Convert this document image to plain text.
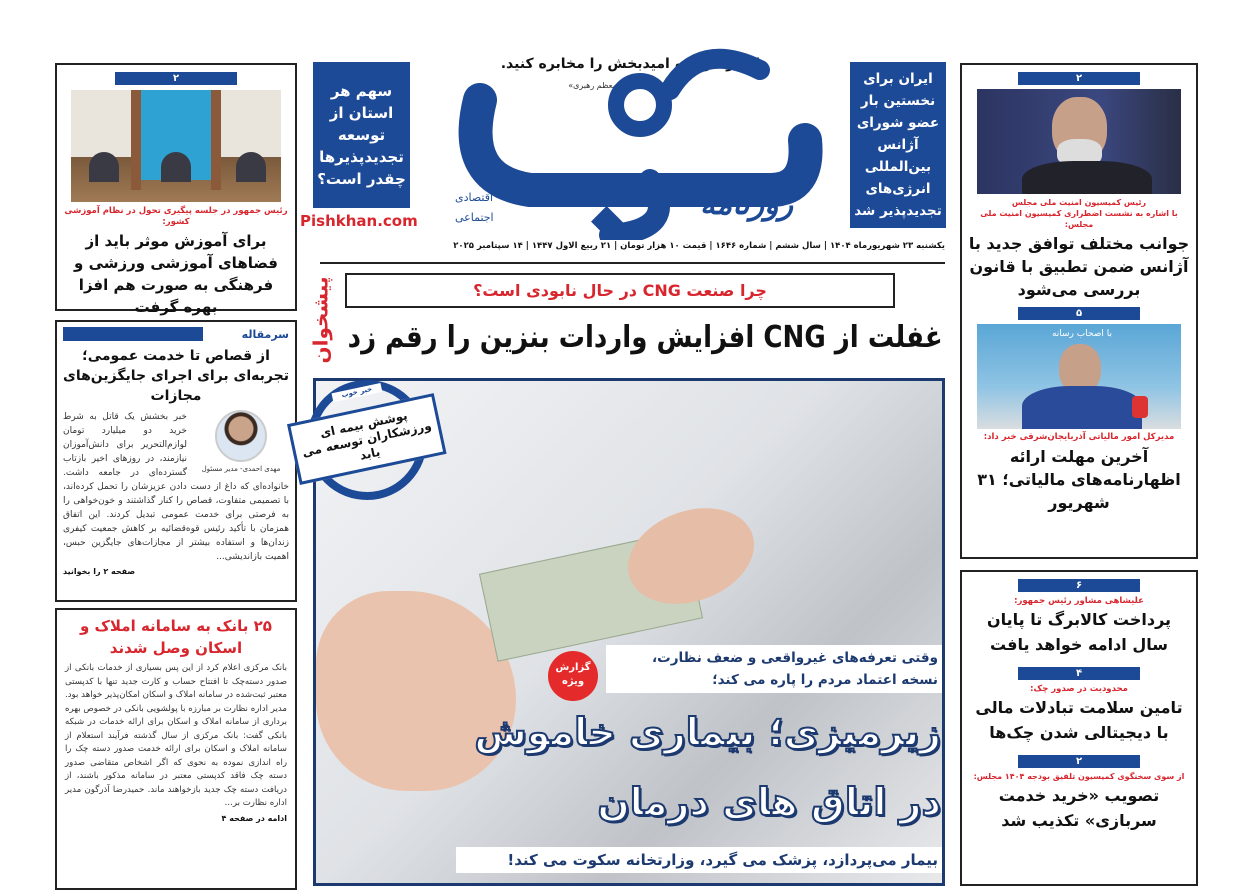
۲
رئیس جمهور در جلسه پیگیری تحول در نظام آموزشی کشور:
برای آموزش موثر باید از فضاهای آموزشی ورزشی و فرهنگی به صورت هم افزا بهره گرفت
Pishkhan.com
پیشخوان
سرمقاله
از قصاص تا خدمت عمومی؛ تجربه‌ای برای اجرای جایگزین‌های مجازات
مهدی احمدی- مدیر مسئول
خبر بخشش یک قاتل به شرط خرید دو میلیارد تومان لوازم‌التحریر برای دانش‌آموزان نیازمند، در روزهای اخیر بازتاب گسترده‌ای در جامعه داشت. خانواده‌ای که داغ از دست دادن عزیزشان را تحمل کرده‌اند، با تصمیمی متفاوت، قصاص را کنار گذاشتند و خون‌خواهی را به فرصتی برای خدمت عمومی تبدیل کردند. این اتفاق همزمان با تأکید رئیس قوه‌قضائیه بر کاهش جمعیت کیفری زندان‌ها و استفاده بیشتر از مجازات‌های جایگزین حبس، اهمیت بازاندیشی...
صفحه ۲ را بخوانید
۲۵ بانک به سامانه املاک و اسکان وصل شدند
بانک مرکزی اعلام کرد از این پس بسیاری از خدمات بانکی از صدور دسته‌چک تا افتتاح حساب و کارت جدید تنها با کدپستی معتبر ثبت‌شده در سامانه املاک و اسکان امکان‌پذیر خواهد بود. مدیر اداره نظارت بر مبارزه با پولشویی بانکی در خصوص بهره برداری از سامانه املاک و اسکان برای ارائه خدمات در شبکه بانکی گفت: بانک مرکزی از سال گذشته فرآیند استعلام از سامانه املاک و اسکان برای ارائه خدمت صدور دسته چک را راه اندازی نموده به نحوی که اگر اشخاص متقاضی صدور دسته چک فاقد کدپستی معتبر در سامانه مذکور باشند، از دریافت دسته چک جدید بازخواهند ماند. حمیدرضا آذرگون مدیر اداره نظارت بر...
ادامه در صفحه ۴
سهم هر استان از توسعه تجدیدپذیرها چقدر است؟
ایران برای نخستین بار عضو شورای آژانس بین‌المللی انرژی‌های تجدیدپذیر شد
اخبار خوب و امیدبخش را مخابره کنید.
«مقام معظم رهبری»
روزنامه
اقتصادی
اجتماعی
یکشنبه ۲۳ شهریورماه ۱۴۰۴ | سال ششم | شماره ۱۶۴۶ | قیمت ۱۰ هزار تومان | ۲۱ ربیع الاول ۱۴۴۷ | ۱۴ سپتامبر ۲۰۲۵
چرا صنعت CNG در حال نابودی است؟
غفلت از CNG افزایش واردات بنزین را رقم زد
وقتی تعرفه‌های غیرواقعی و ضعف نظارت، نسخه اعتماد مردم را پاره می کند؛
گزارش ویژه
زیرمیزی؛ بیماری خاموش
در اتاق های درمان
بیمار می‌پردازد، پزشک می گیرد، وزارتخانه سکوت می کند!
پوشش بیمه ای ورزشکاران توسعه می یابد
خبر خوب
۲
رئیس کمیسیون امنیت ملی مجلس
با اشاره به نشست اضطراری کمیسیون امنیت ملی مجلس:
جوانب مختلف توافق جدید با آژانس ضمن تطبیق با قانون بررسی می‌شود
۵
با اصحاب رسانه
مدیرکل امور مالیاتی آذربایجان‌شرقی خبر داد:
آخرین مهلت ارائه اظهارنامه‌های مالیاتی؛ ۳۱ شهریور
۶
علیشاهی مشاور رئیس جمهور:
پرداخت کالابرگ تا پایان سال ادامه خواهد یافت
۴
محدودیت در صدور چک:
تامین سلامت تبادلات مالی با دیجیتالی شدن چک‌ها
۲
از سوی سخنگوی کمیسیون تلفیق بودجه ۱۴۰۴ مجلس:
تصویب «خرید خدمت سربازی» تکذیب شد
